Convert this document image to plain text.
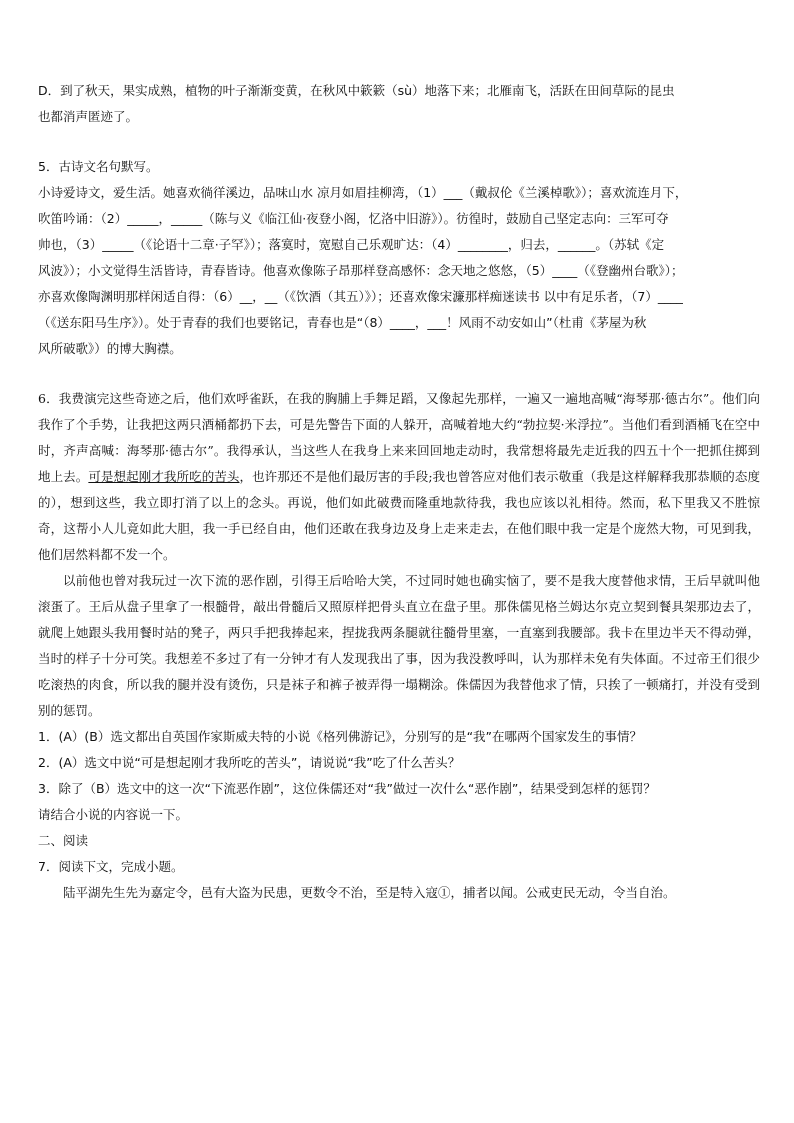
D．到了秋天，果实成熟，植物的叶子渐渐变黄，在秋风中簌簌（sù）地落下来；北雁南飞，活跃在田间草际的昆虫

也都消声匿迹了。

5．古诗文名句默写。

小诗爱诗文，爱生活。她喜欢徜徉溪边，品味山水 凉月如眉挂柳湾，（1）___（戴叔伦《兰溪棹歌》）；喜欢流连月下，

吹笛吟诵：（2）_____，_____（陈与义《临江仙·夜登小阁，忆洛中旧游》）。彷徨时，鼓励自己坚定志向：三军可夺

帅也，（3）_____（《论语十二章·子罕》）；落寞时，宽慰自己乐观旷达：（4）________，归去，______。（苏轼《定

风波》）；小文觉得生活皆诗，青春皆诗。他喜欢像陈子昂那样登高感怀：念天地之悠悠，（5）____（《登幽州台歌》）；

亦喜欢像陶渊明那样闲适自得：（6）__，__（《饮酒（其五）》）；还喜欢像宋濂那样痴迷读书 以中有足乐者，（7）____

（《送东阳马生序》）。处于青春的我们也要铭记，青春也是“（8）____，___！风雨不动安如山”（杜甫《茅屋为秋

风所破歌》）的博大胸襟。

6．我费演完这些奇迹之后，他们欢呼雀跃，在我的胸脯上手舞足蹈，又像起先那样，一遍又一遍地高喊“海琴那·德古尔”。他们向我作了个手势，让我把这两只酒桶都扔下去，可是先警告下面的人躲开，高喊着地大约“勃拉契·米浮拉”。当他们看到酒桶飞在空中时，齐声高喊：海琴那·德古尔”。我得承认，当这些人在我身上来来回回地走动时，我常想将最先走近我的四五十个一把抓住掷到地上去。可是想起刚才我所吃的苦头，也许那还不是他们最厉害的手段;我也曾答应对他们表示敬重（我是这样解释我那恭顺的态度的），想到这些，我立即打消了以上的念头。再说，他们如此破费而隆重地款待我，我也应该以礼相待。然而，私下里我又不胜惊奇，这帮小人儿竟如此大胆，我一手已经自由，他们还敢在我身边及身上走来走去，在他们眼中我一定是个庞然大物，可见到我，他们居然料都不发一个。

以前他也曾对我玩过一次下流的恶作剧，引得王后哈哈大笑，不过同时她也确实恼了，要不是我大度替他求情，王后早就叫他滚蛋了。王后从盘子里拿了一根髓骨，敲出骨髓后又照原样把骨头直立在盘子里。那侏儒见格兰姆达尔克立契到餐具架那边去了，就爬上她跟头我用餐时站的凳子，两只手把我捧起来，捏拢我两条腿就往髓骨里塞，一直塞到我腰部。我卡在里边半天不得动弹，当时的样子十分可笑。我想差不多过了有一分钟才有人发现我出了事，因为我没教呼叫，认为那样未免有失体面。不过帝王们很少吃滚热的肉食，所以我的腿并没有烫伤，只是袜子和裤子被弄得一塌糊涂。侏儒因为我替他求了情，只挨了一顿痛打，并没有受到别的惩罚。

1．(A）(B）选文都出自英国作家斯威夫特的小说《格列佛游记》，分别写的是“我”在哪两个国家发生的事情？

2．(A）选文中说“可是想起刚才我所吃的苦头”，请说说“我”吃了什么苦头？

3．除了（B）选文中的这一次“下流恶作剧”，这位侏儒还对“我”做过一次什么“恶作剧”，结果受到怎样的惩罚？

请结合小说的内容说一下。

二、阅读

7．阅读下文，完成小题。

陆平湖先生先为嘉定令，邑有大盗为民患，更数令不治，至是特入寇①，捕者以闻。公戒吏民无动，令当自治。
